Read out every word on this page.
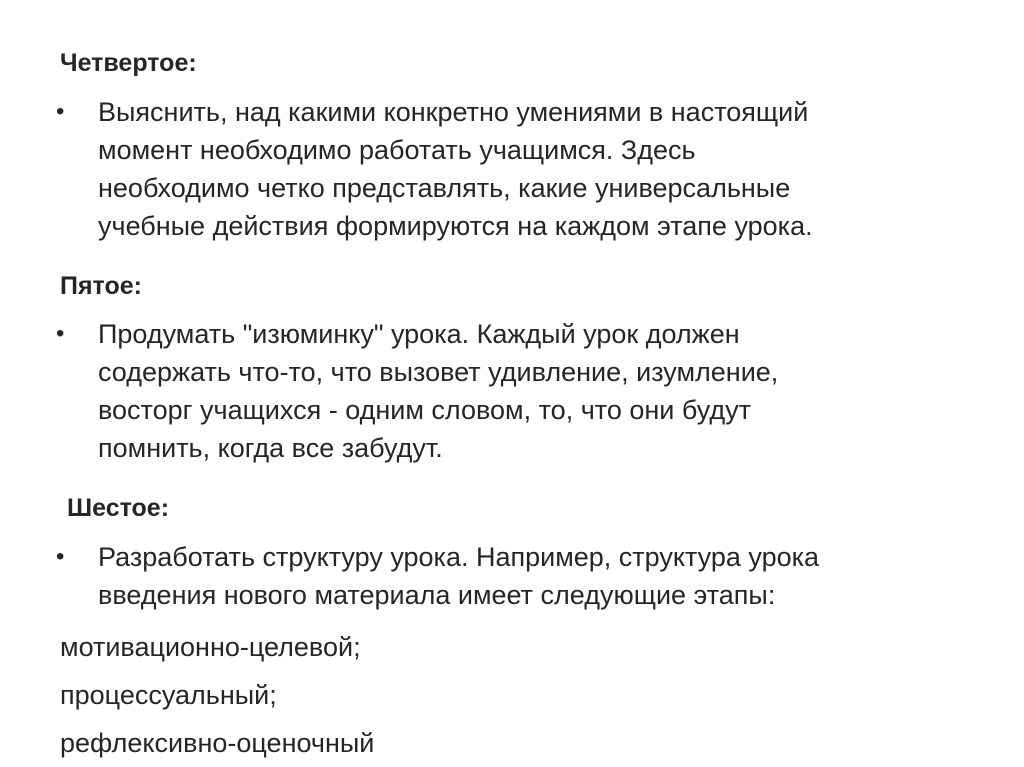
Четвертое:
•	Выяснить, над какими конкретно умениями в настоящий
момент необходимо работать учащимся. Здесь
необходимо четко представлять, какие универсальные
учебные действия формируются на каждом этапе урока.
Пятое:
•	Продумать "изюминку" урока. Каждый урок должен
содержать что-то, что вызовет удивление, изумление,
восторг учащихся - одним словом, то, что они будут
помнить, когда все забудут.
Шестое:
•	Разработать структуру урока. Например, структура урока
введения нового материала имеет следующие этапы:
мотивационно-целевой;
процессуальный;
рефлексивно-оценочный
